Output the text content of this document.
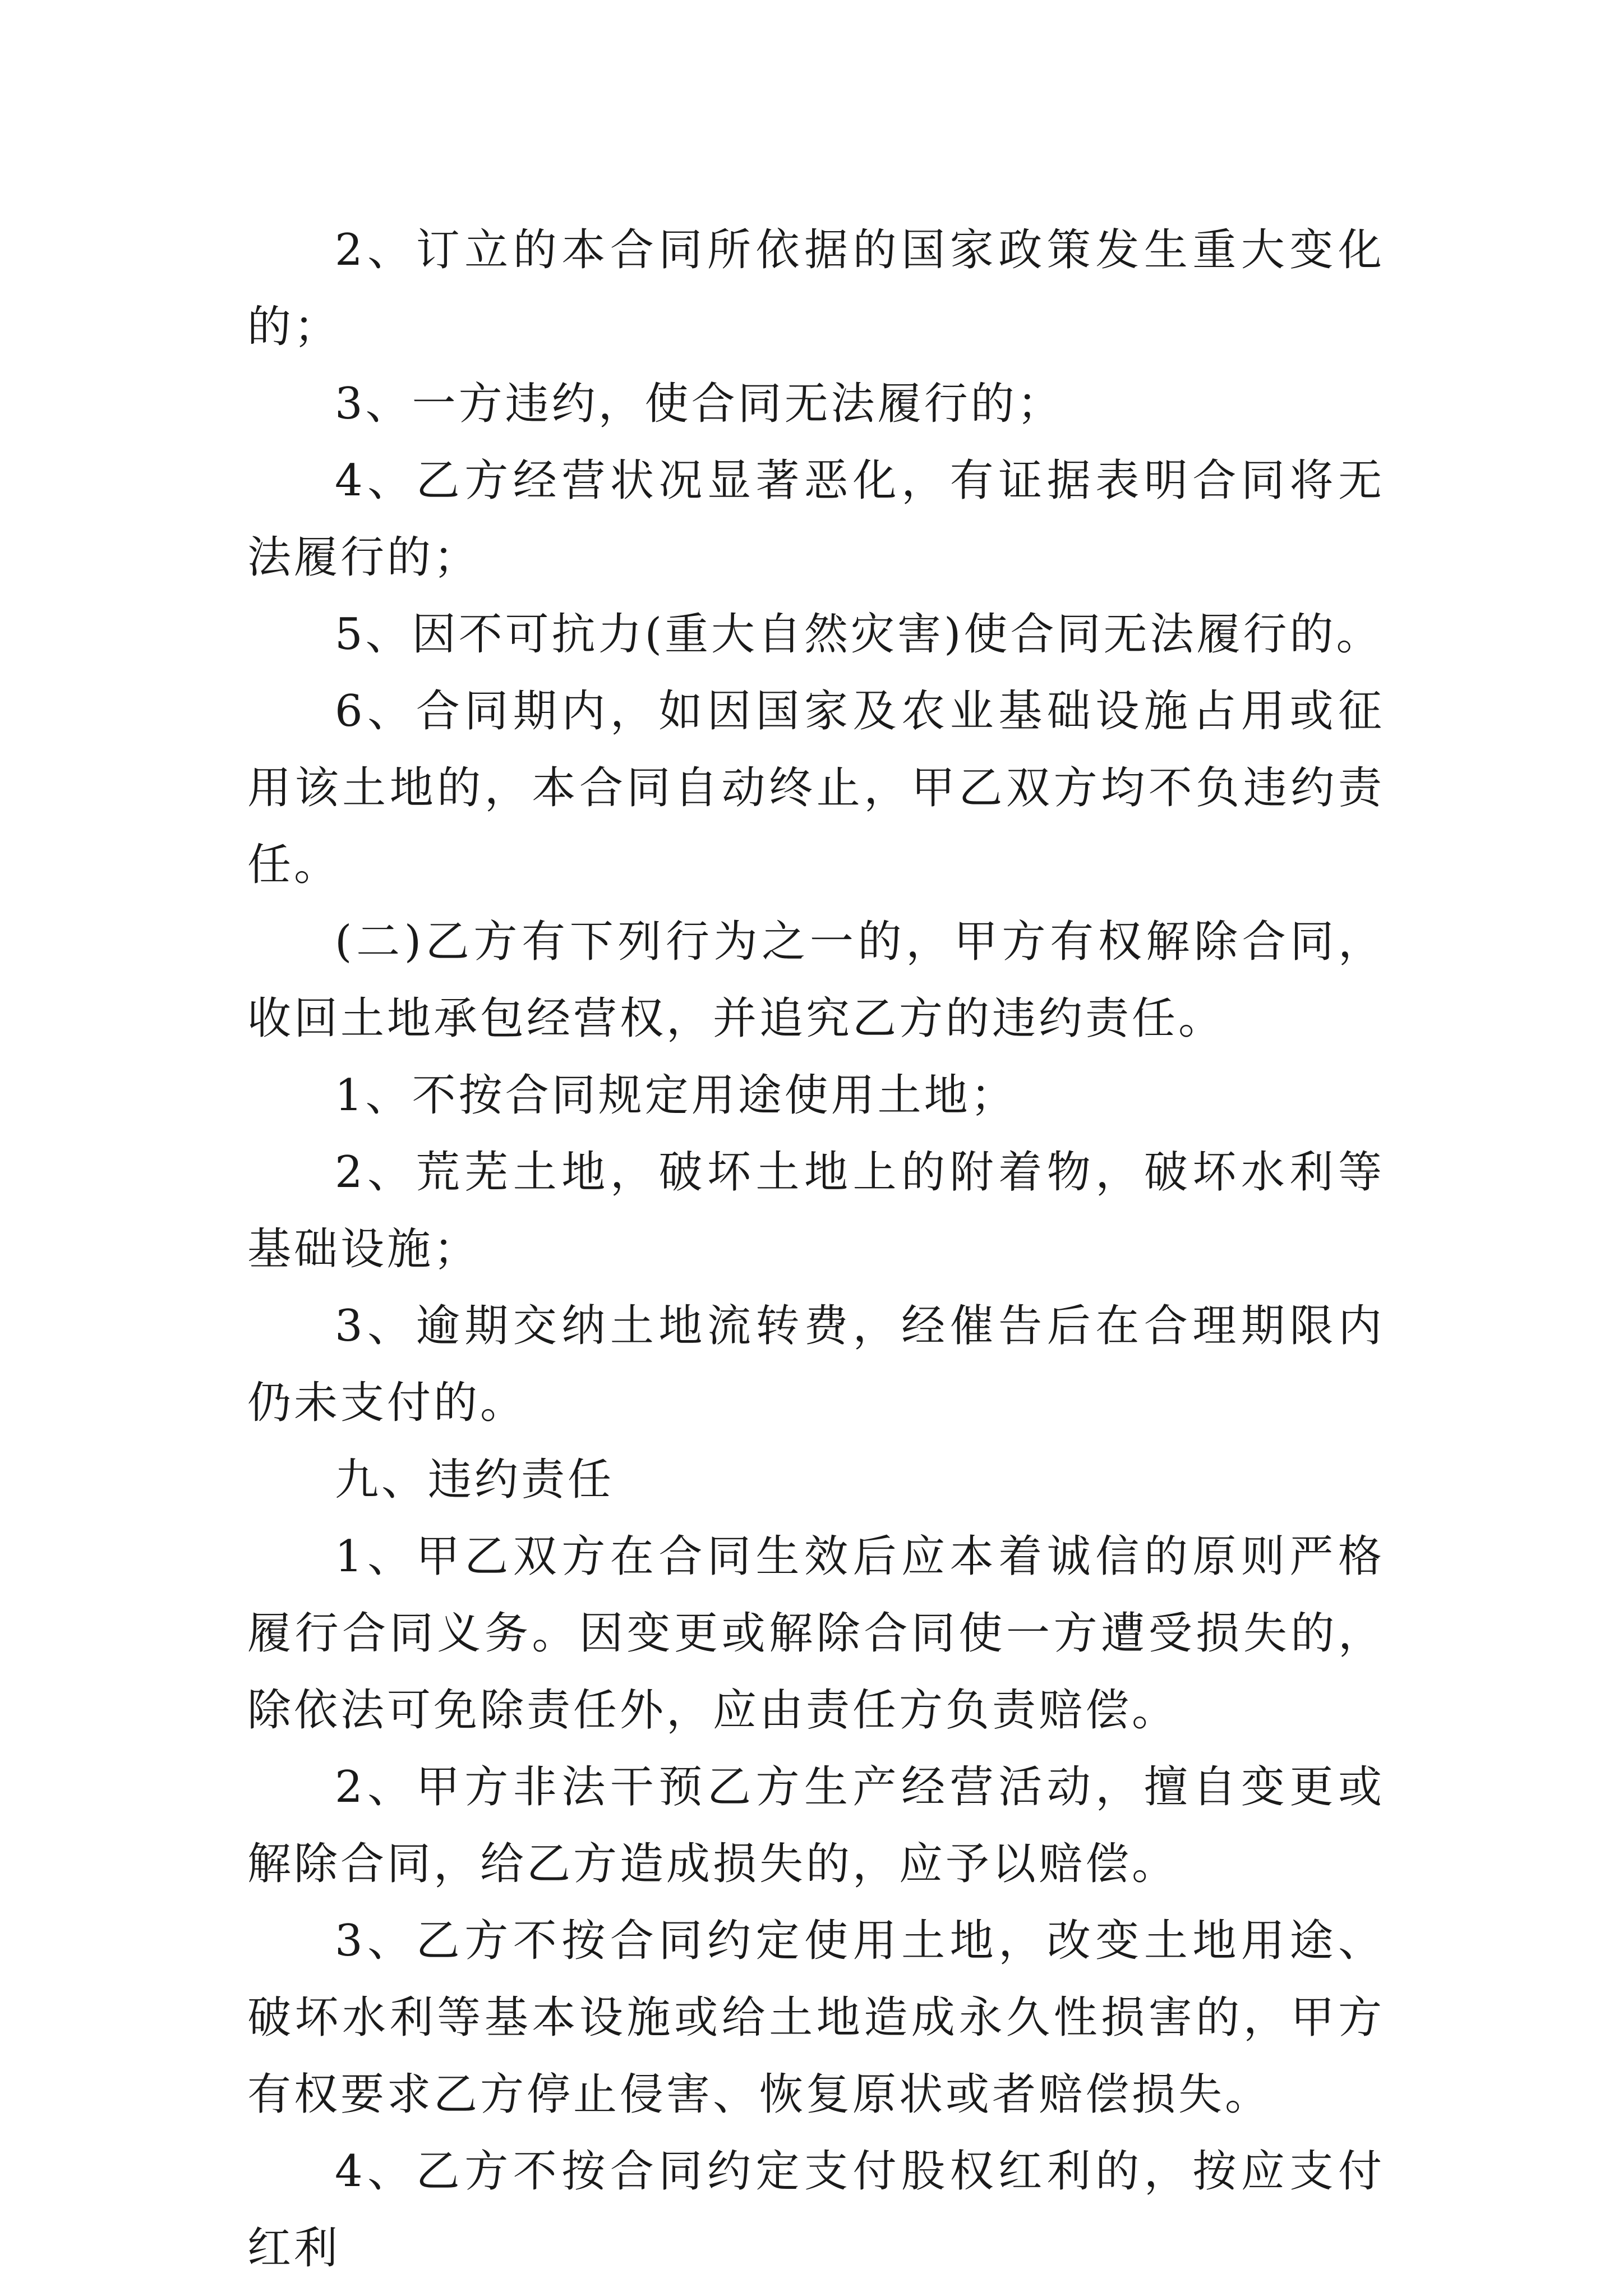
2、订立的本合同所依据的国家政策发生重大变化的；

3、一方违约，使合同无法履行的；

4、乙方经营状况显著恶化，有证据表明合同将无法履行的；

5、因不可抗力(重大自然灾害)使合同无法履行的。

6、合同期内，如因国家及农业基础设施占用或征用该土地的，本合同自动终止，甲乙双方均不负违约责任。

(二)乙方有下列行为之一的，甲方有权解除合同，收回土地承包经营权，并追究乙方的违约责任。

1、不按合同规定用途使用土地；

2、荒芜土地，破坏土地上的附着物，破坏水利等基础设施；

3、逾期交纳土地流转费，经催告后在合理期限内仍未支付的。

九、违约责任

1、甲乙双方在合同生效后应本着诚信的原则严格履行合同义务。因变更或解除合同使一方遭受损失的，除依法可免除责任外，应由责任方负责赔偿。

2、甲方非法干预乙方生产经营活动，擅自变更或解除合同，给乙方造成损失的，应予以赔偿。

3、乙方不按合同约定使用土地，改变土地用途、破坏水利等基本设施或给土地造成永久性损害的，甲方有权要求乙方停止侵害、恢复原状或者赔偿损失。

4、乙方不按合同约定支付股权红利的，按应支付红利
